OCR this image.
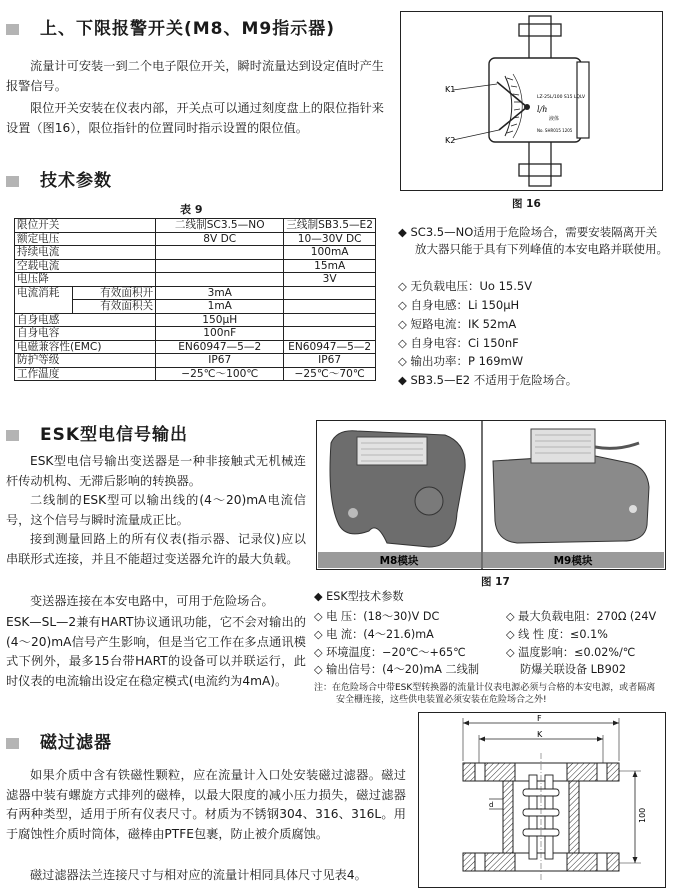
上、下限报警开关(M8、M9指示器)
流量计可安装一到二个电子限位开关，瞬时流量达到设定值时产生报警信号。
限位开关安装在仪表内部，开关点可以通过刻度盘上的限位指针来设置（图16），限位指针的位置同时指示设置的限位值。
技术参数
表 9
限位开关		二线制SC3.5—NO	三线制SB3.5—E2
额定电压		8V DC	10—30V DC
持续电流			100mA
空载电流			15mA
电压降			3V
电流消耗	有效面积开	3mA	
	有效面积关	1mA	
自身电感		150μH	
自身电容		100nF	
电磁兼容性(EMC)		EN60947—5—2	EN60947—5—2
防护等级		IP67	IP67
工作温度		−25℃～100℃	−25℃～70℃
K1
K2
LZ-25L/100 S15 LQLV
l/h
液体
No. SHR015 1205
图 16
◆ SC3.5—NO适用于危险场合，需要安装隔离开关放大器只能于具有下列峰值的本安电路并联使用。
◇ 无负载电压：Uo 15.5V
◇ 自身电感：Li 150μH
◇ 短路电流：IK 52mA
◇ 自身电容：Ci 150nF
◇ 输出功率：P 169mW
◆ SB3.5—E2 不适用于危险场合。
ESK型电信号输出
ESK型电信号输出变送器是一种非接触式无机械连杆传动机构、无滞后影响的转换器。
二线制的ESK型可以输出线的(4～20)mA电流信号，这个信号与瞬时流量成正比。
接到测量回路上的所有仪表(指示器、记录仪)应以串联形式连接，并且不能超过变送器允许的最大负载。
变送器连接在本安电路中，可用于危险场合。
ESK—SL—2兼有HART协议通讯功能，它不会对输出的(4～20)mA信号产生影响，但是当它工作在多点通讯模式下例外，最多15台带HART的设备可以并联运行，此时仪表的电流输出设定在稳定模式(电流约为4mA)。
M8模块	M9模块
图 17
◆ ESK型技术参数
◇ 电 压：(18～30)V DC
◇ 电 流：(4～21.6)mA
◇ 环境温度：−20℃～+65℃
◇ 输出信号：(4～20)mA 二线制
◇ 最大负载电阻：270Ω (24V
◇ 线 性 度：≤0.1%
◇ 温度影响：≤0.02%/℃
防爆关联设备 LB902
注：在危险场合中带ESK型转换器的流量计仪表电源必须与合格的本安电源，或者隔离安全栅连接，这些供电装置必须安装在危险场合之外!
磁过滤器
如果介质中含有铁磁性颗粒，应在流量计入口处安装磁过滤器。磁过滤器中装有螺旋方式排列的磁棒，以最大限度的减小压力损失，磁过滤器有两种类型，适用于所有仪表尺寸。材质为不锈钢304、316、316L。用于腐蚀性介质时筒体，磁棒由PTFE包裹，防止被介质腐蚀。
磁过滤器法兰连接尺寸与相对应的流量计相同具体尺寸见表4。
F
K
d
100
